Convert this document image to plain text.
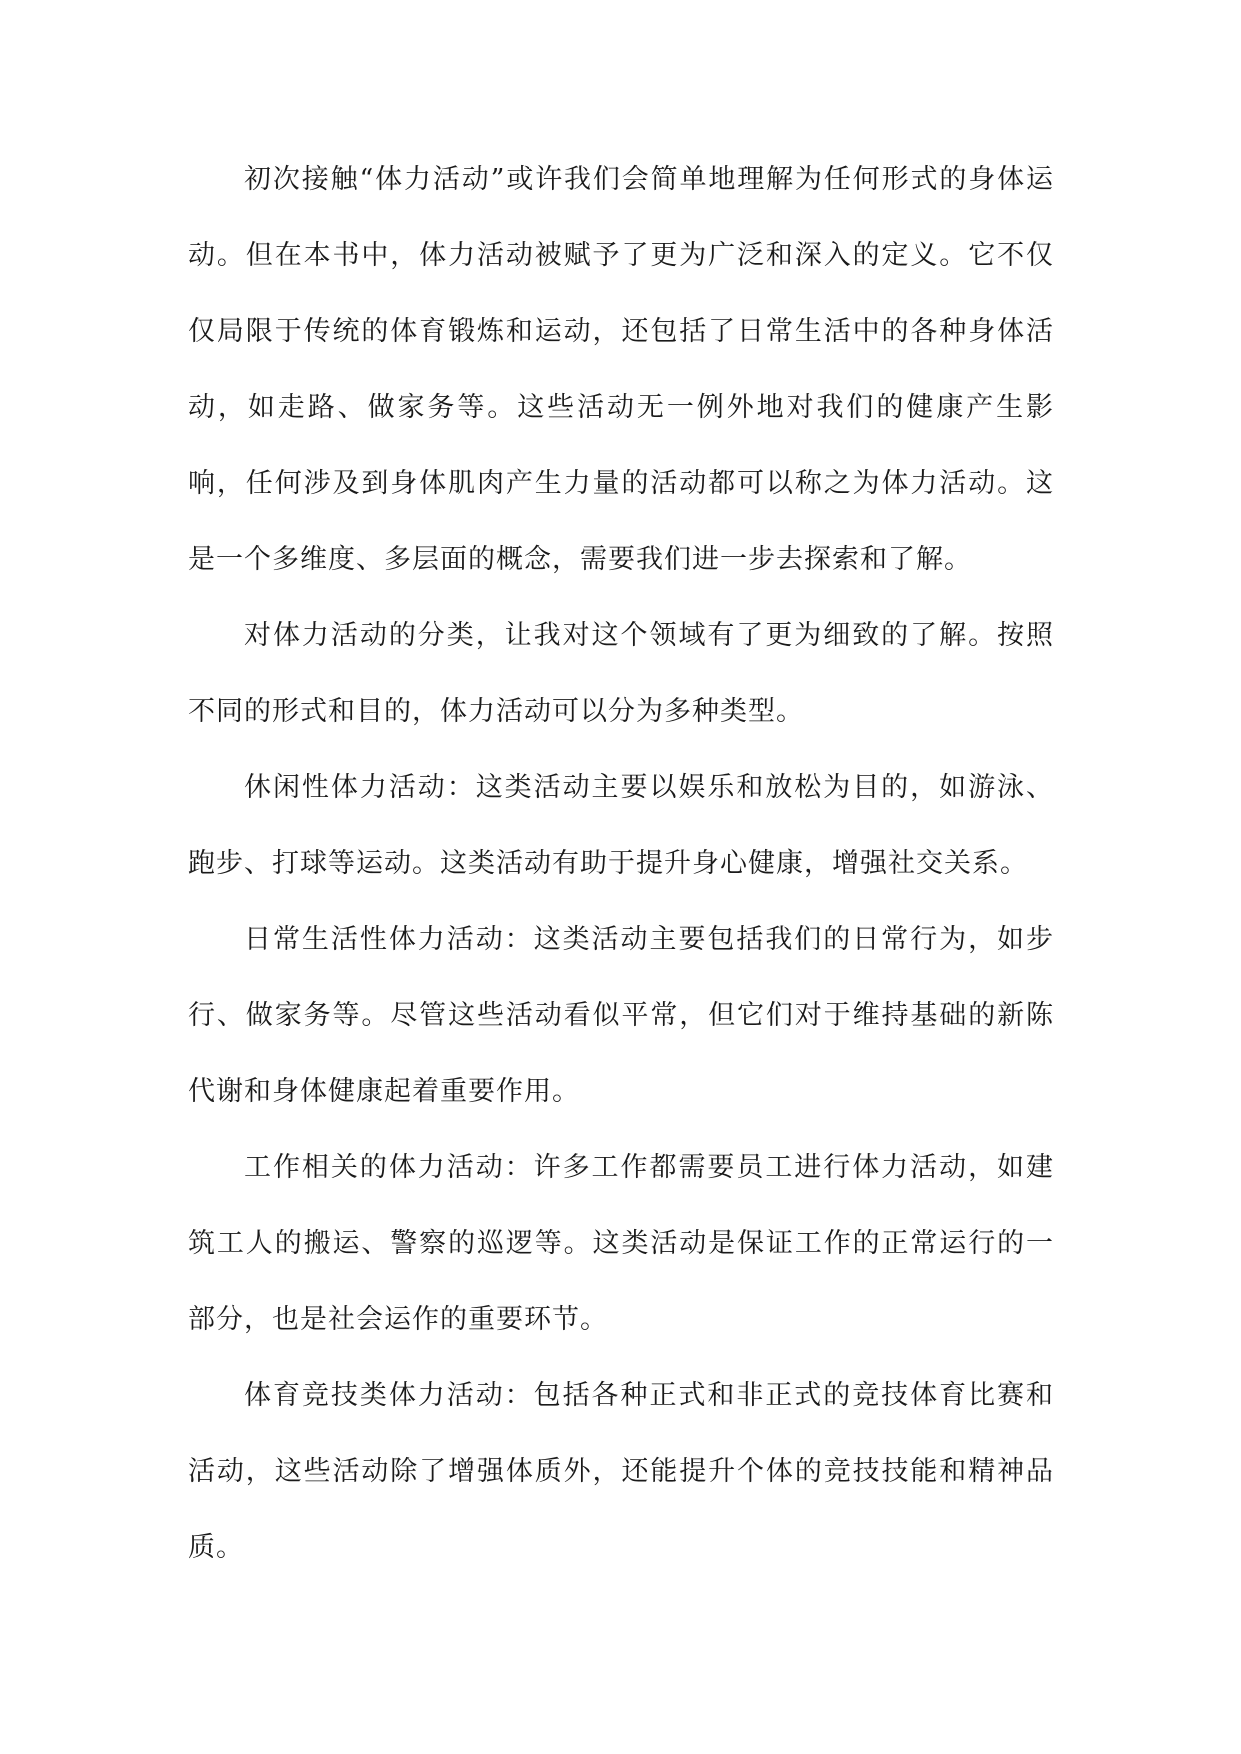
初次接触“体力活动”或许我们会简单地理解为任何形式的身体运动。但在本书中，体力活动被赋予了更为广泛和深入的定义。它不仅仅局限于传统的体育锻炼和运动，还包括了日常生活中的各种身体活动，如走路、做家务等。这些活动无一例外地对我们的健康产生影响，任何涉及到身体肌肉产生力量的活动都可以称之为体力活动。这是一个多维度、多层面的概念，需要我们进一步去探索和了解。

对体力活动的分类，让我对这个领域有了更为细致的了解。按照不同的形式和目的，体力活动可以分为多种类型。

休闲性体力活动：这类活动主要以娱乐和放松为目的，如游泳、跑步、打球等运动。这类活动有助于提升身心健康，增强社交关系。

日常生活性体力活动：这类活动主要包括我们的日常行为，如步行、做家务等。尽管这些活动看似平常，但它们对于维持基础的新陈代谢和身体健康起着重要作用。

工作相关的体力活动：许多工作都需要员工进行体力活动，如建筑工人的搬运、警察的巡逻等。这类活动是保证工作的正常运行的一部分，也是社会运作的重要环节。

体育竞技类体力活动：包括各种正式和非正式的竞技体育比赛和活动，这些活动除了增强体质外，还能提升个体的竞技技能和精神品质。
